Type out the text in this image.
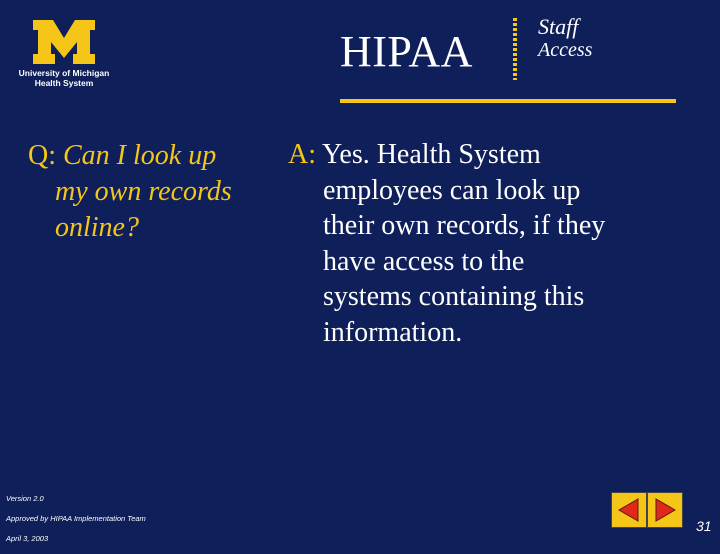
University of Michigan
Health System
HIPAA
Staff
Access
Q: Can I look up
my own records
online?
A: Yes. Health System
employees can look up
their own records, if they
have access to the
systems containing this
information.
Version 2.0
Approved by HIPAA Implementation Team
April 3, 2003
31
